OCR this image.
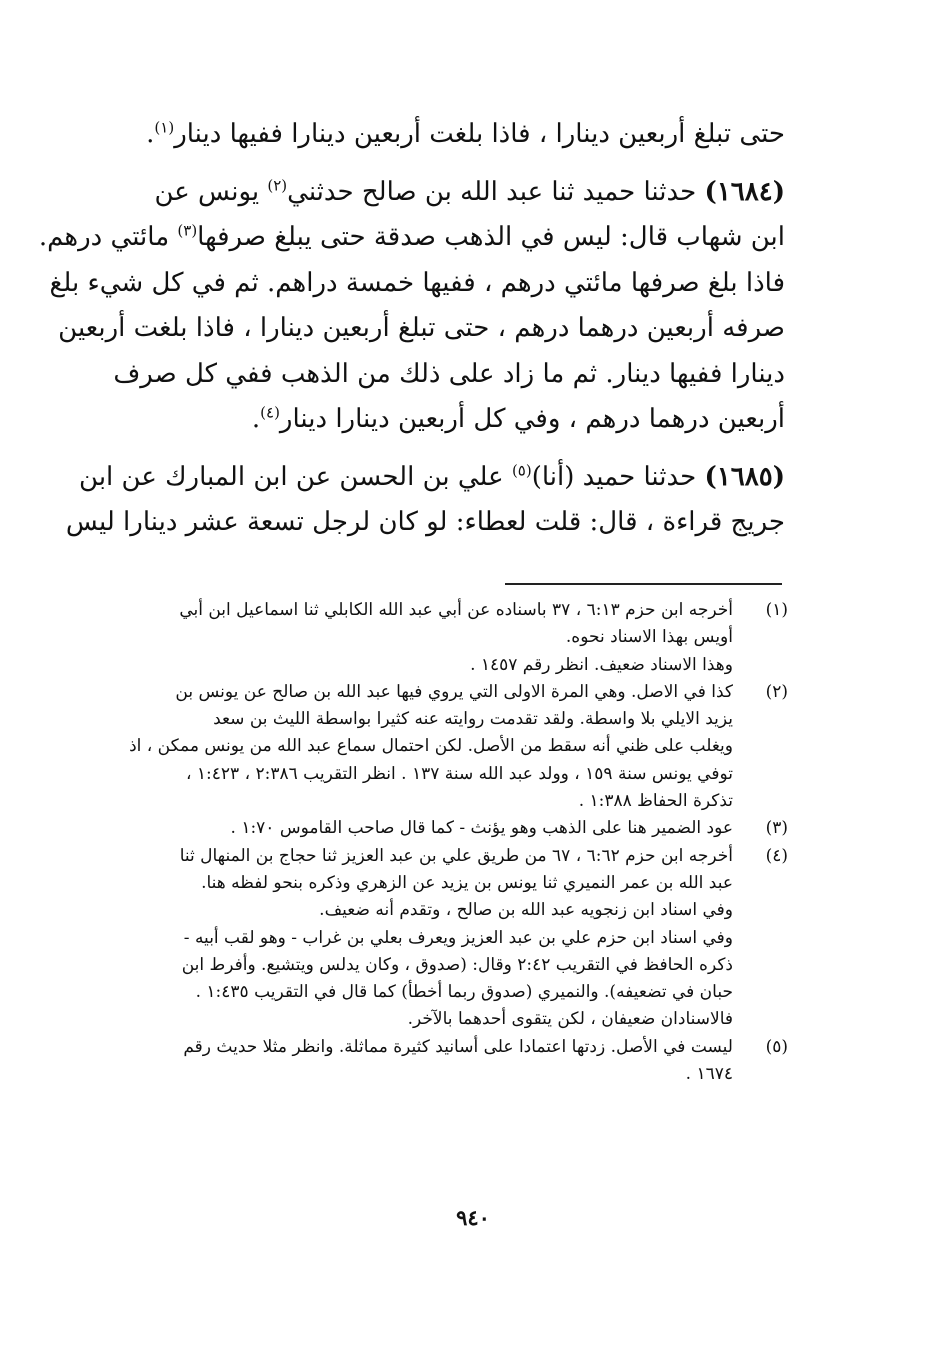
حتى تبلغ أربعين دينارا ، فاذا بلغت أربعين دينارا ففيها دينار$^{(١)}$.
(١٦٨٤) حدثنا حميد ثنا عبد الله بن صالح حدثني$^{(٢)}$ يونس عن
ابن شهاب قال: ليس في الذهب صدقة حتى يبلغ صرفها$^{(٣)}$ مائتي درهم.
فاذا بلغ صرفها مائتي درهم ، ففيها خمسة دراهم. ثم في كل شيء بلغ
صرفه أربعين درهما درهم ، حتى تبلغ أربعين دينارا ، فاذا بلغت أربعين
دينارا ففيها دينار. ثم ما زاد على ذلك من الذهب ففي كل صرف
أربعين درهما درهم ، وفي كل أربعين دينارا دينار$^{(٤)}$.
(١٦٨٥) حدثنا حميد (أنا)$^{(٥)}$ علي بن الحسن عن ابن المبارك عن ابن
جريج قراءة ، قال: قلت لعطاء: لو كان لرجل تسعة عشر دينارا ليس
(١)
أخرجه ابن حزم ٦:١٣ ، ٣٧ باسناده عن أبي عبد الله الكابلي ثنا اسماعيل ابن أبي
أويس بهذا الاسناد نحوه.
وهذا الاسناد ضعيف. انظر رقم ١٤٥٧ .
(٢)
كذا في الاصل. وهي المرة الاولى التي يروي فيها عبد الله بن صالح عن يونس بن
يزيد الايلي بلا واسطة. ولقد تقدمت روايته عنه كثيرا بواسطة الليث بن سعد
ويغلب على ظني أنه سقط من الأصل. لكن احتمال سماع عبد الله من يونس ممكن ، اذ
توفي يونس سنة ١٥٩ ، وولد عبد الله سنة ١٣٧ . انظر التقريب ٢:٣٨٦ ، ١:٤٢٣ ،
تذكرة الحفاظ ١:٣٨٨ .
(٣)
عود الضمير هنا على الذهب وهو يؤنث - كما قال صاحب القاموس ١:٧٠ .
(٤)
أخرجه ابن حزم ٦:٦٢ ، ٦٧ من طريق علي بن عبد العزيز ثنا حجاج بن المنهال ثنا
عبد الله بن عمر النميري ثنا يونس بن يزيد عن الزهري وذكره بنحو لفظه هنا.
وفي اسناد ابن زنجويه عبد الله بن صالح ، وتقدم أنه ضعيف.
وفي اسناد ابن حزم علي بن عبد العزيز ويعرف بعلي بن غراب - وهو لقب أبيه -
ذكره الحافظ في التقريب ٢:٤٢ وقال: (صدوق ، وكان يدلس ويتشيع. وأفرط ابن
حبان في تضعيفه). والنميري (صدوق ربما أخطأ) كما قال في التقريب ١:٤٣٥ .
فالاسنادان ضعيفان ، لكن يتقوى أحدهما بالآخر.
(٥)
ليست في الأصل. زدتها اعتمادا على أسانيد كثيرة مماثلة. وانظر مثلا حديث رقم
١٦٧٤ .
٩٤٠
